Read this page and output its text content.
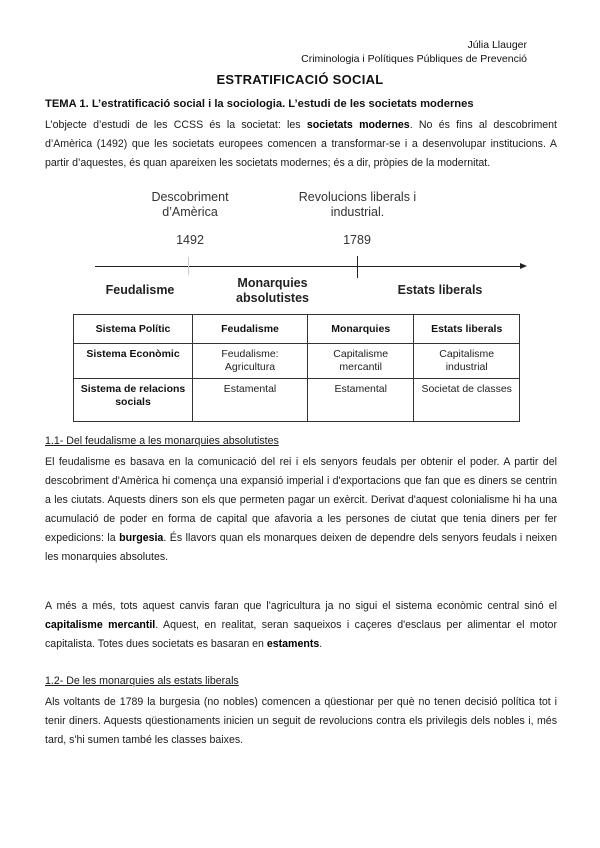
Júlia Llauger
Criminologia i Polítiques Públiques de Prevenció
ESTRATIFICACIÓ SOCIAL
TEMA 1. L’estratificació social i la sociologia. L’estudi de les societats modernes
L’objecte d’estudi de les CCSS és la societat: les societats modernes. No és fins al descobriment d’Amèrica (1492) que les societats europees comencen a transformar-se i a desenvolupar institucions. A partir d’aquestes, és quan apareixen les societats modernes; és a dir, pròpies de la modernitat.
Descobriment
d’Amèrica
Revolucions liberals i
industrial.
1492	1789
Feudalisme	Monarquies
absolutistes
Estats liberals
Sistema Polític	Feudalisme	Monarquies	Estats liberals
Sistema Econòmic	Feudalisme: Agricultura	Capitalisme mercantil	Capitalisme industrial
Sistema de relacions socials	Estamental	Estamental	Societat de classes
1.1- Del feudalisme a les monarquies absolutistes
El feudalisme es basava en la comunicació del rei i els senyors feudals per obtenir el poder. A partir del descobriment d'Amèrica hi comença una expansió imperial i d'exportacions que fan que es diners se centrin a les ciutats. Aquests diners son els que permeten pagar un exèrcit. Derivat d'aquest colonialisme hi ha una acumulació de poder en forma de capital que afavoria a les persones de ciutat que tenia diners per fer expedicions: la burgesia. És llavors quan els monarques deixen de dependre dels senyors feudals i neixen les monarquies absolutes.
A més a més, tots aquest canvis faran que l'agricultura ja no sigui el sistema econòmic central sinó el capitalisme mercantil. Aquest, en realitat, seran saqueixos i caçeres d'esclaus per alimentar el motor capitalista. Totes dues societats es basaran en estaments.
1.2- De les monarquies als estats liberals
Als voltants de 1789 la burgesia (no nobles) comencen a qüestionar per què no tenen decisió política tot i tenir diners. Aquests qüestionaments inicien un seguit de revolucions contra els privilegis dels nobles i, més tard, s'hi sumen també les classes baixes.
